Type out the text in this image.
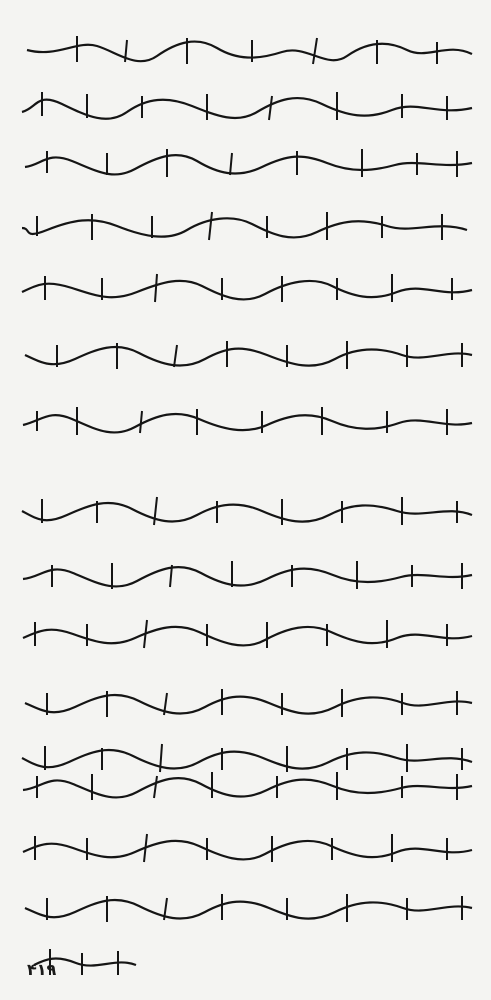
۴۱۹
